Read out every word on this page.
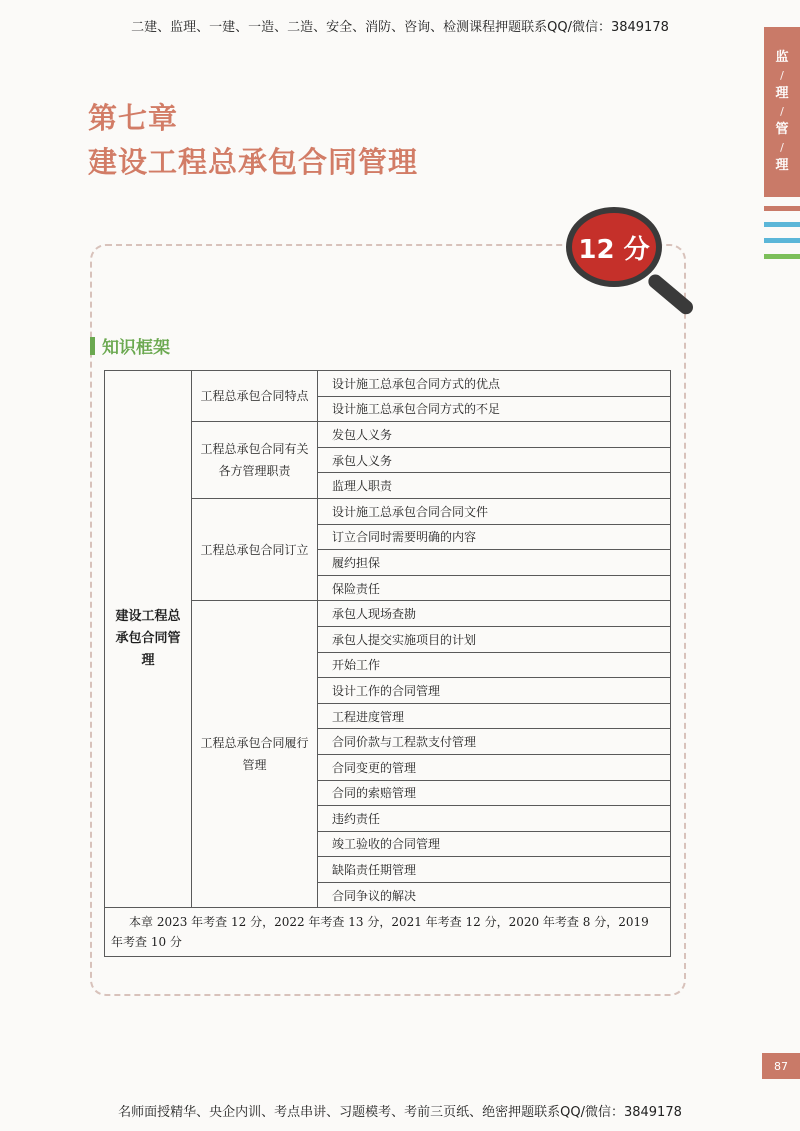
二建、监理、一建、一造、二造、安全、消防、咨询、检测课程押题联系QQ/微信：3849178
监
/
理
/
管
/
理
第七章
建设工程总承包合同管理
12 分
知识框架
建设工程总承包合同管理	工程总承包合同特点	设计施工总承包合同方式的优点
		设计施工总承包合同方式的不足
	工程总承包合同有关各方管理职责	发包人义务
		承包人义务
		监理人职责
	工程总承包合同订立	设计施工总承包合同合同文件
		订立合同时需要明确的内容
		履约担保
		保险责任
	工程总承包合同履行管理	承包人现场查勘
		承包人提交实施项目的计划
		开始工作
		设计工作的合同管理
		工程进度管理
		合同价款与工程款支付管理
		合同变更的管理
		合同的索赔管理
		违约责任
		竣工验收的合同管理
		缺陷责任期管理
		合同争议的解决
本章 2023 年考查 12 分，2022 年考查 13 分，2021 年考查 12 分，2020 年考查 8 分，2019 年考查 10 分		
87
名师面授精华、央企内训、考点串讲、习题模考、考前三页纸、绝密押题联系QQ/微信：3849178
